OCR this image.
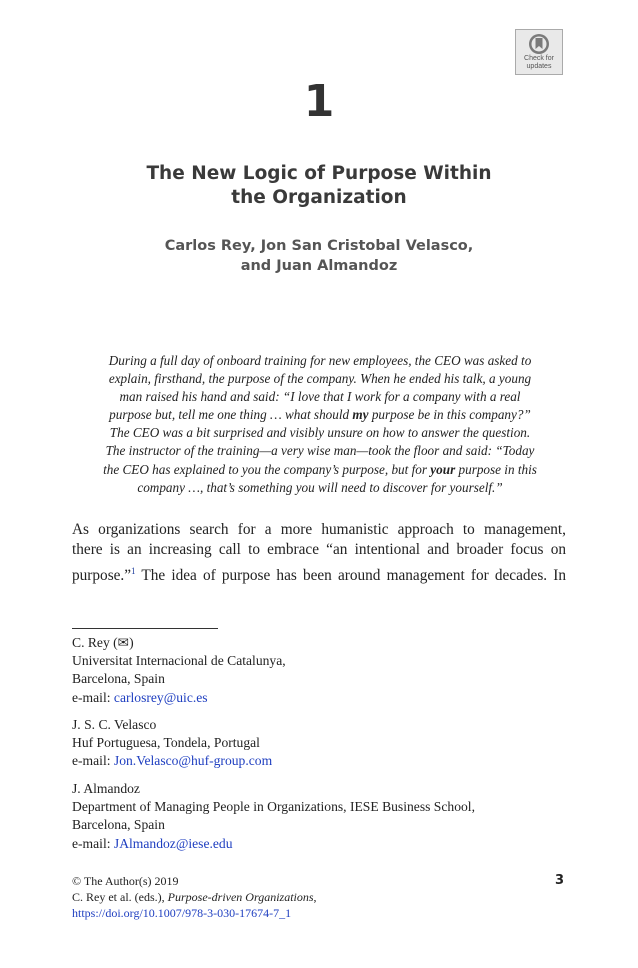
Check for
updates
1
The New Logic of Purpose Within
the Organization
Carlos Rey, Jon San Cristobal Velasco,
and Juan Almandoz
During a full day of onboard training for new employees, the CEO was asked to
explain, firsthand, the purpose of the company. When he ended his talk, a young
man raised his hand and said: “I love that I work for a company with a real
purpose but, tell me one thing … what should my purpose be in this company?”
The CEO was a bit surprised and visibly unsure on how to answer the question.
The instructor of the training—a very wise man—took the floor and said: “Today
the CEO has explained to you the company’s purpose, but for your purpose in this
company …, that’s something you will need to discover for yourself.”
As organizations search for a more humanistic approach to management,
there is an increasing call to embrace “an intentional and broader focus on
purpose.”$^1$ The idea of purpose has been around management for decades. In
C. Rey (✉)
Universitat Internacional de Catalunya,
Barcelona, Spain
e-mail: carlosrey@uic.es
J. S. C. Velasco
Huf Portuguesa, Tondela, Portugal
e-mail: Jon.Velasco@huf-group.com
J. Almandoz
Department of Managing People in Organizations, IESE Business School,
Barcelona, Spain
e-mail: JAlmandoz@iese.edu
© The Author(s) 2019
C. Rey et al. (eds.), Purpose-driven Organizations,
https://doi.org/10.1007/978-3-030-17674-7_1
3
